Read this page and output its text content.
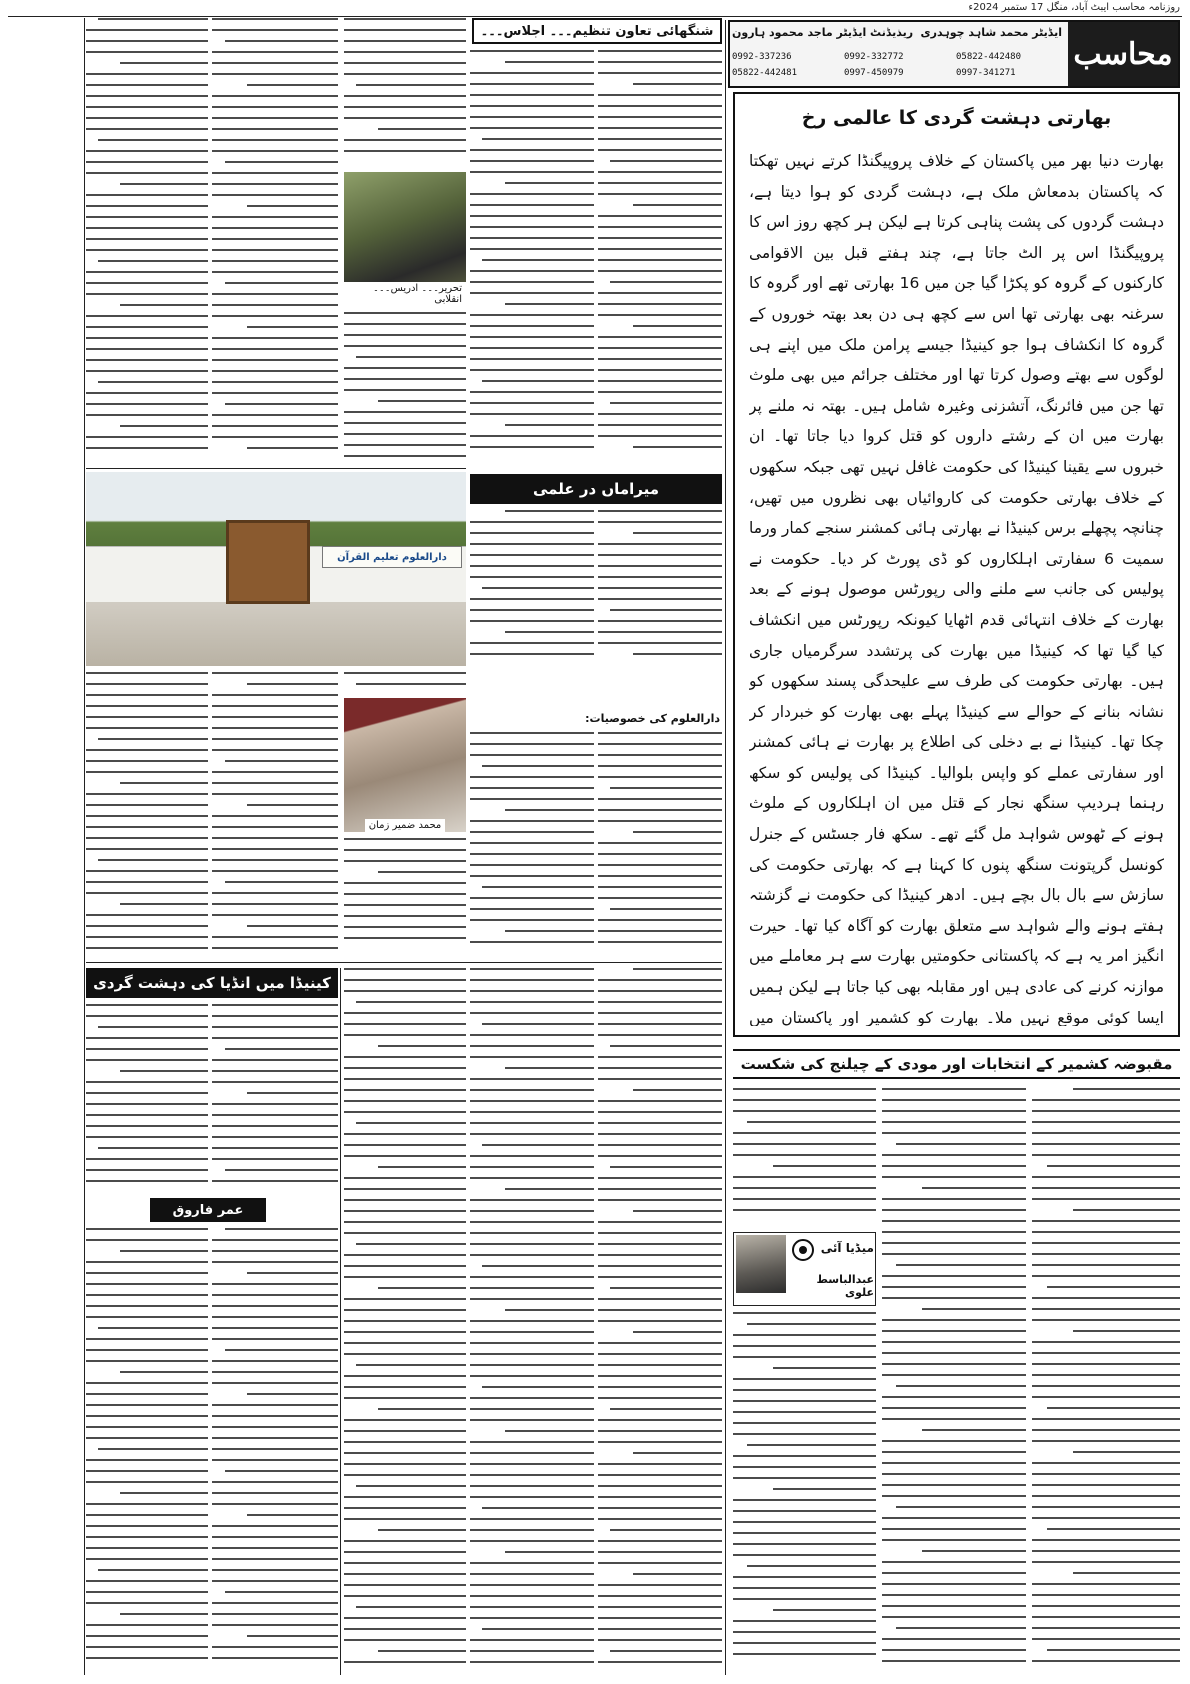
روزنامہ محاسب ایبٹ آباد، منگل 17 ستمبر 2024ء
محاسب
ایڈیٹر محمد شاہد چوہدری
ریذیڈنٹ ایڈیٹر ماجد محمود ہارون
0992-337236	0992-332772	05822-442480
05822-442481	0997-450979	0997-341271
بھارتی دہشت گردی کا عالمی رخ
بھارت دنیا بھر میں پاکستان کے خلاف پروپیگنڈا کرتے نہیں تھکتا کہ پاکستان بدمعاش ملک ہے، دہشت گردی کو ہوا دیتا ہے، دہشت گردوں کی پشت پناہی کرتا ہے لیکن ہر کچھ روز اس کا پروپیگنڈا اس پر الٹ جاتا ہے، چند ہفتے قبل بین الاقوامی کارکنوں کے گروہ کو پکڑا گیا جن میں 16 بھارتی تھے اور گروہ کا سرغنہ بھی بھارتی تھا اس سے کچھ ہی دن بعد بھتہ خوروں کے گروہ کا انکشاف ہوا جو کینیڈا جیسے پرامن ملک میں اپنے ہی لوگوں سے بھتے وصول کرتا تھا اور مختلف جرائم میں بھی ملوث تھا جن میں فائرنگ، آتشزنی وغیرہ شامل ہیں۔ بھتہ نہ ملنے پر بھارت میں ان کے رشتے داروں کو قتل کروا دیا جاتا تھا۔ ان خبروں سے یقینا کینیڈا کی حکومت غافل نہیں تھی جبکہ سکھوں کے خلاف بھارتی حکومت کی کاروائیاں بھی نظروں میں تھیں، چنانچہ پچھلے برس کینیڈا نے بھارتی ہائی کمشنر سنجے کمار ورما سمیت 6 سفارتی اہلکاروں کو ڈی پورٹ کر دیا۔ حکومت نے پولیس کی جانب سے ملنے والی رپورٹس موصول ہونے کے بعد بھارت کے خلاف انتہائی قدم اٹھایا کیونکہ رپورٹس میں انکشاف کیا گیا تھا کہ کینیڈا میں بھارت کی پرتشدد سرگرمیاں جاری ہیں۔ بھارتی حکومت کی طرف سے علیحدگی پسند سکھوں کو نشانہ بنانے کے حوالے سے کینیڈا پہلے بھی بھارت کو خبردار کر چکا تھا۔ کینیڈا نے بے دخلی کی اطلاع پر بھارت نے ہائی کمشنر اور سفارتی عملے کو واپس بلوالیا۔ کینیڈا کی پولیس کو سکھ رہنما ہردیپ سنگھ نجار کے قتل میں ان اہلکاروں کے ملوث ہونے کے ٹھوس شواہد مل گئے تھے۔ سکھ فار جسٹس کے جنرل کونسل گرپتونت سنگھ پنوں کا کہنا ہے کہ بھارتی حکومت کی سازش سے بال بال بچے ہیں۔ ادھر کینیڈا کی حکومت نے گزشتہ ہفتے ہونے والے شواہد سے متعلق بھارت کو آگاہ کیا تھا۔ حیرت انگیز امر یہ ہے کہ پاکستانی حکومتیں بھارت سے ہر معاملے میں موازنہ کرنے کی عادی ہیں اور مقابلہ بھی کیا جاتا ہے لیکن ہمیں ایسا کوئی موقع نہیں ملا۔ بھارت کو کشمیر اور پاکستان میں
مقبوضہ کشمیر کے انتخابات اور مودی کے چیلنج کی شکست
میڈیا آئی
عبدالباسط علوی
شنگھائی تعاون تنظیم۔۔۔ اجلاس۔۔۔
تحریر۔۔۔ ادریس۔۔۔ انقلابی
دارالعلوم تعلیم القرآن
میراماں در علمی
دارالعلوم کی خصوصیات:
محمد ضمیر زمان
کینیڈا میں انڈیا کی دہشت گردی
عمر فاروق
